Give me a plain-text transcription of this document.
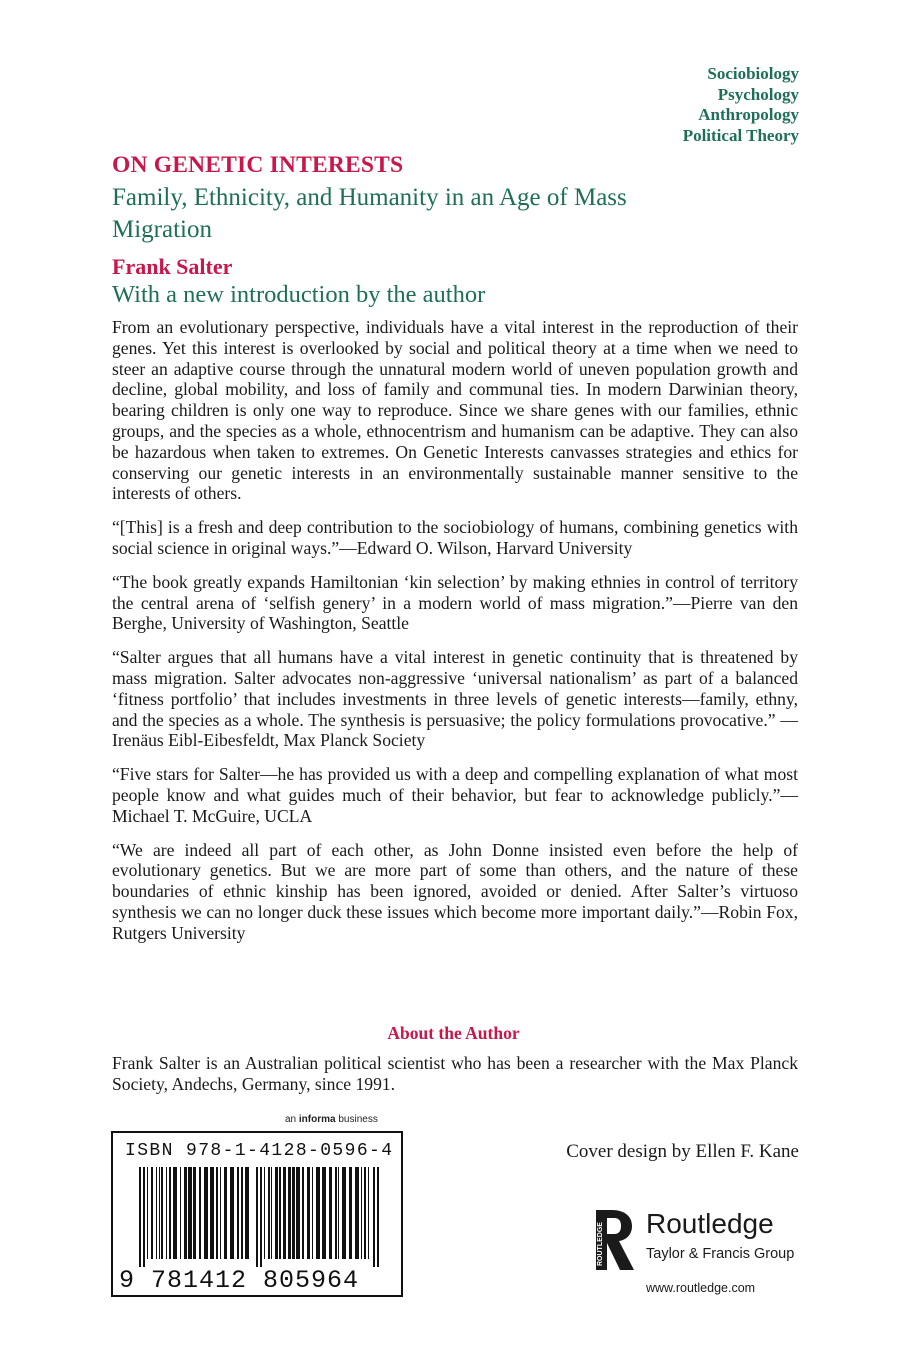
Sociobiology
Psychology
Anthropology
Political Theory
ON GENETIC INTERESTS
Family, Ethnicity, and Humanity in an Age of Mass Migration
Frank Salter
With a new introduction by the author

From an evolutionary perspective, individuals have a vital interest in the reproduction of their genes. Yet this interest is overlooked by social and political theory at a time when we need to steer an adaptive course through the unnatural modern world of uneven population growth and decline, global mobility, and loss of family and communal ties. In modern Darwinian theory, bearing children is only one way to reproduce. Since we share genes with our families, ethnic groups, and the species as a whole, ethnocentrism and humanism can be adaptive. They can also be hazardous when taken to extremes. On Genetic Interests canvasses strategies and ethics for conserving our genetic interests in an environmentally sustainable manner sensitive to the interests of others.

“[This] is a fresh and deep contribution to the sociobiology of humans, combining genetics with social science in original ways.”—Edward O. Wilson, Harvard University

“The book greatly expands Hamiltonian ‘kin selection’ by making ethnies in control of territory the central arena of ‘selfish genery’ in a modern world of mass migration.”—Pierre van den Berghe, University of Washington, Seattle

“Salter argues that all humans have a vital interest in genetic continuity that is threatened by mass migration. Salter advocates non-aggressive ‘universal nationalism’ as part of a balanced ‘fitness portfolio’ that includes investments in three levels of genetic interests—family, ethny, and the species as a whole. The synthesis is persuasive; the policy formulations provocative.” —Irenäus Eibl-Eibesfeldt, Max Planck Society

“Five stars for Salter—he has provided us with a deep and compelling explanation of what most people know and what guides much of their behavior, but fear to acknowledge publicly.”—Michael T. McGuire, UCLA

“We are indeed all part of each other, as John Donne insisted even before the help of evolutionary genetics. But we are more part of some than others, and the nature of these boundaries of ethnic kinship has been ignored, avoided or denied. After Salter’s virtuoso synthesis we can no longer duck these issues which become more important daily.”—Robin Fox, Rutgers University

About the Author
Frank Salter is an Australian political scientist who has been a researcher with the Max Planck Society, Andechs, Germany, since 1991.
an informa business
ISBN 978-1-4128-0596-4
9 781412 805964
Cover design by Ellen F. Kane
ROUTLEDGE Routledge
Taylor & Francis Group
www.routledge.com
